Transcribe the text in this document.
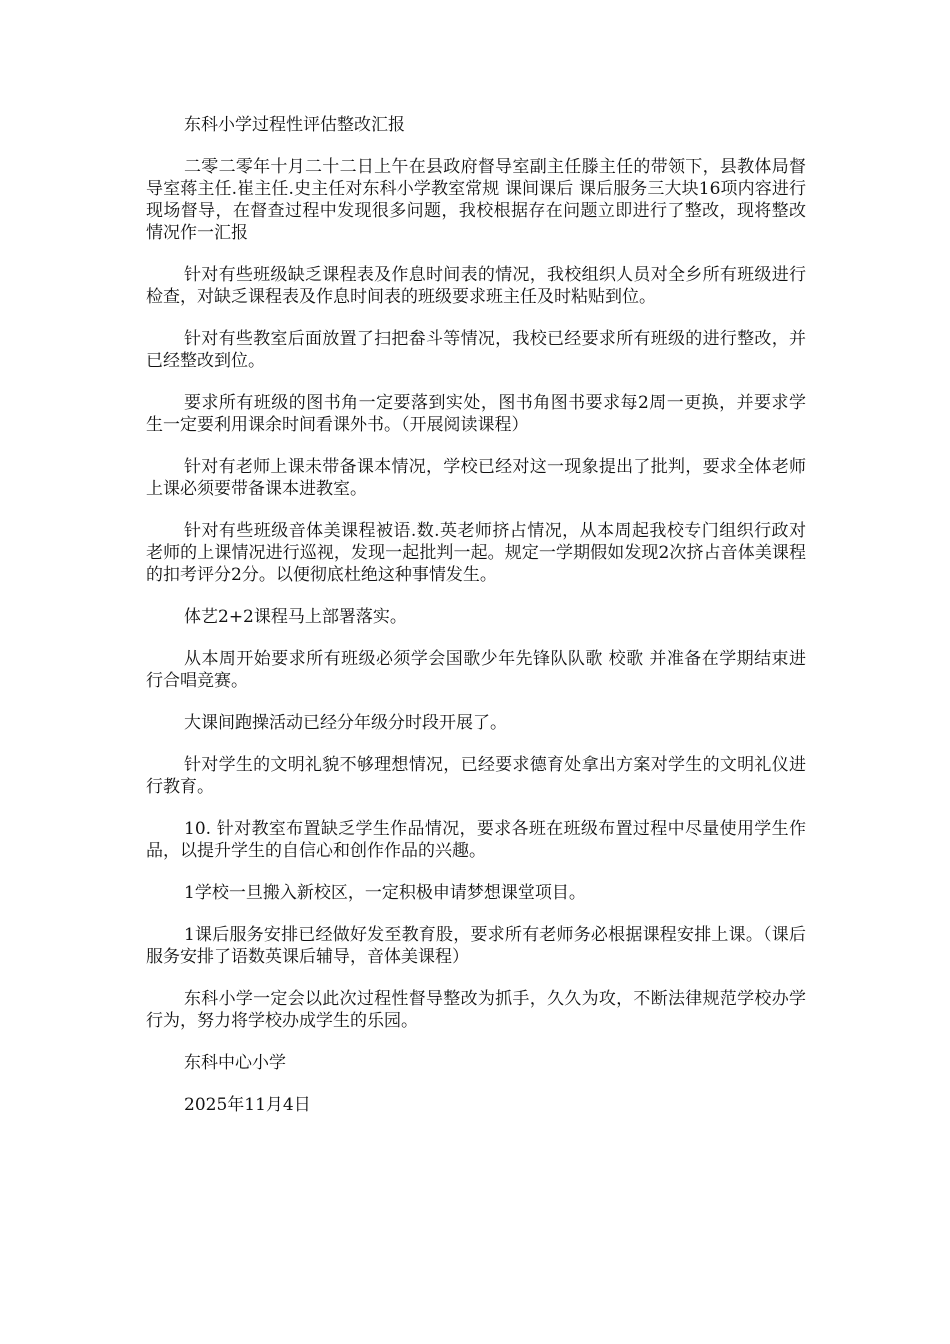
东科小学过程性评估整改汇报

二零二零年十月二十二日上午在县政府督导室副主任滕主任的带领下，县教体局督导室蒋主任.崔主任.史主任对东科小学教室常规 课间课后 课后服务三大块16项内容进行现场督导，在督查过程中发现很多问题，我校根据存在问题立即进行了整改，现将整改情况作一汇报

针对有些班级缺乏课程表及作息时间表的情况，我校组织人员对全乡所有班级进行检查，对缺乏课程表及作息时间表的班级要求班主任及时粘贴到位。

针对有些教室后面放置了扫把畚斗等情况，我校已经要求所有班级的进行整改，并已经整改到位。

要求所有班级的图书角一定要落到实处，图书角图书要求每2周一更换，并要求学生一定要利用课余时间看课外书。（开展阅读课程）

针对有老师上课未带备课本情况，学校已经对这一现象提出了批判，要求全体老师上课必须要带备课本进教室。

针对有些班级音体美课程被语.数.英老师挤占情况，从本周起我校专门组织行政对老师的上课情况进行巡视，发现一起批判一起。规定一学期假如发现2次挤占音体美课程的扣考评分2分。以便彻底杜绝这种事情发生。

体艺2+2课程马上部署落实。

从本周开始要求所有班级必须学会国歌少年先锋队队歌 校歌 并准备在学期结束进行合唱竞赛。

大课间跑操活动已经分年级分时段开展了。

针对学生的文明礼貌不够理想情况，已经要求德育处拿出方案对学生的文明礼仪进行教育。

10. 针对教室布置缺乏学生作品情况，要求各班在班级布置过程中尽量使用学生作品，以提升学生的自信心和创作作品的兴趣。

1学校一旦搬入新校区，一定积极申请梦想课堂项目。

1课后服务安排已经做好发至教育股，要求所有老师务必根据课程安排上课。（课后服务安排了语数英课后辅导，音体美课程）

东科小学一定会以此次过程性督导整改为抓手，久久为攻，不断法律规范学校办学行为，努力将学校办成学生的乐园。

东科中心小学

2025年11月4日
